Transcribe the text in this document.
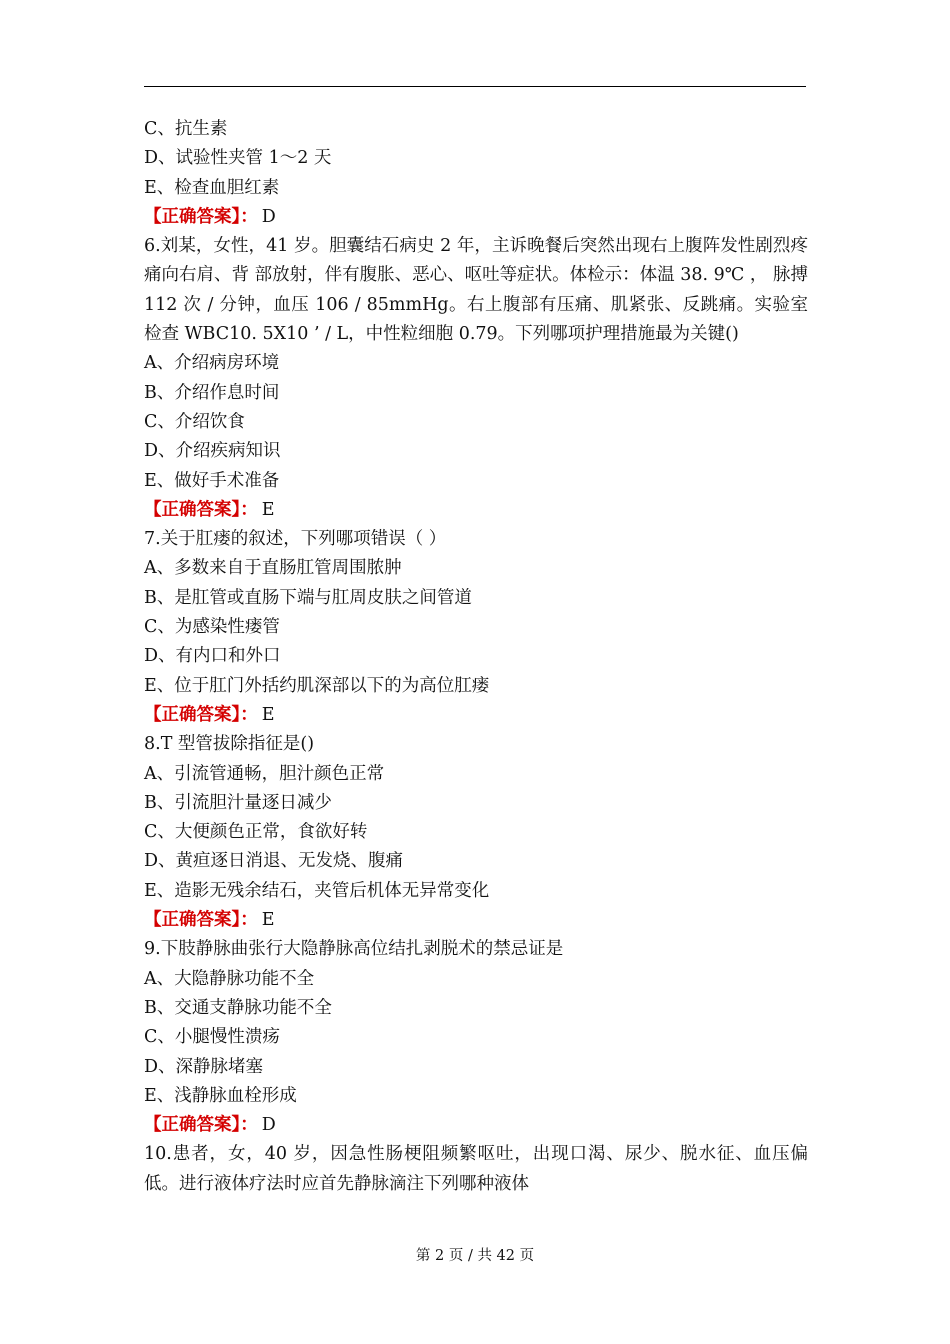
C、抗生素
D、试验性夹管 1～2 天
E、检查血胆红素
【正确答案】： D
6.刘某，女性，41 岁。胆囊结石病史 2 年，主诉晚餐后突然出现右上腹阵发性剧烈疼痛向右肩、背 部放射，伴有腹胀、恶心、呕吐等症状。体检示：体温 38. 9℃ ， 脉搏 112 次 / 分钟，血压 106 / 85mmHg。右上腹部有压痛、肌紧张、反跳痛。实验室检查 WBC10. 5X10 ’ / L，中性粒细胞 0.79。下列哪项护理措施最为关键()
A、介绍病房环境
B、介绍作息时间
C、介绍饮食
D、介绍疾病知识
E、做好手术准备
【正确答案】： E
7.关于肛瘘的叙述，下列哪项错误（ ）
A、多数来自于直肠肛管周围脓肿
B、是肛管或直肠下端与肛周皮肤之间管道
C、为感染性瘘管
D、有内口和外口
E、位于肛门外括约肌深部以下的为高位肛瘘
【正确答案】： E
8.T 型管拔除指征是()
A、引流管通畅，胆汁颜色正常
B、引流胆汁量逐日减少
C、大便颜色正常，食欲好转
D、黄疸逐日消退、无发烧、腹痛
E、造影无残余结石，夹管后机体无异常变化
【正确答案】： E
9.下肢静脉曲张行大隐静脉高位结扎剥脱术的禁忌证是
A、大隐静脉功能不全
B、交通支静脉功能不全
C、小腿慢性溃疡
D、深静脉堵塞
E、浅静脉血栓形成
【正确答案】： D
10.患者，女，40 岁，因急性肠梗阻频繁呕吐，出现口渴、尿少、脱水征、血压偏低。进行液体疗法时应首先静脉滴注下列哪种液体
第 2 页 / 共 42 页
